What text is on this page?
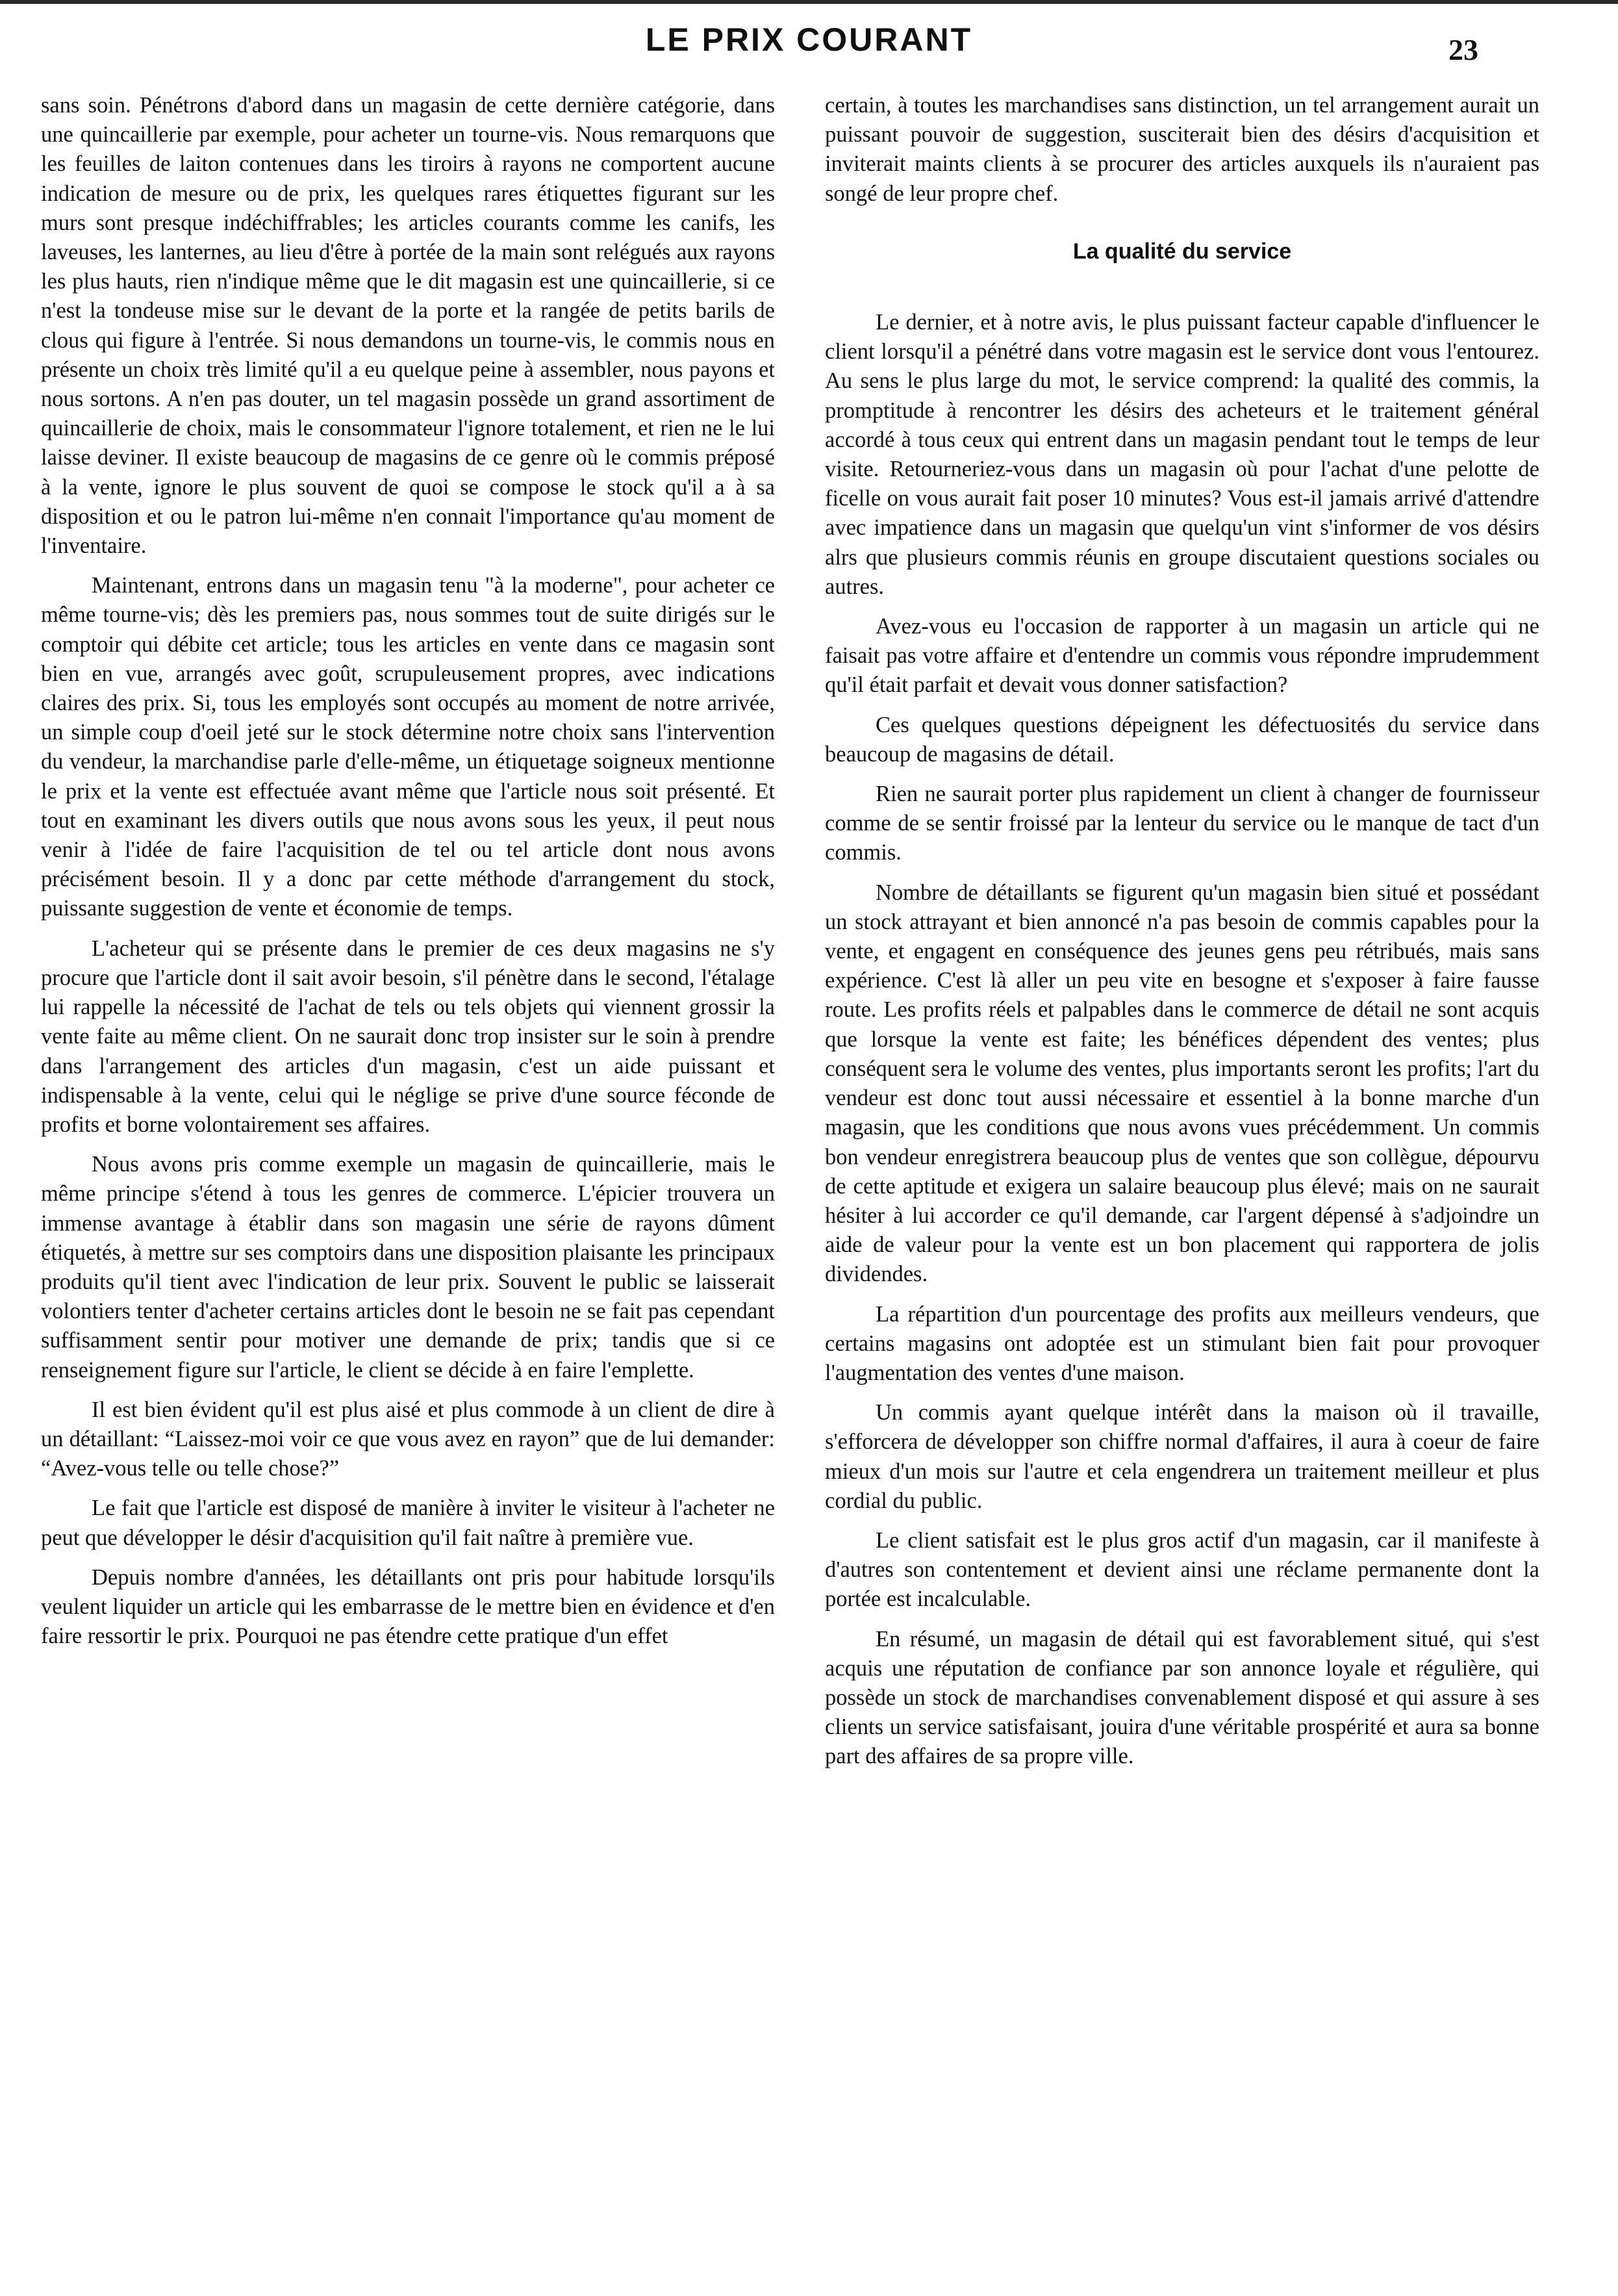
LE PRIX COURANT	23

sans soin. Pénétrons d'abord dans un magasin de cette dernière catégorie, dans une quincaillerie par exemple, pour acheter un tourne-vis. Nous remarquons que les feuilles de laiton contenues dans les tiroirs à rayons ne comportent aucune indication de mesure ou de prix, les quelques rares étiquettes figurant sur les murs sont presque indéchiffrables; les articles courants comme les canifs, les laveuses, les lanternes, au lieu d'être à portée de la main sont relégués aux rayons les plus hauts, rien n'indique même que le dit magasin est une quincaillerie, si ce n'est la tondeuse mise sur le devant de la porte et la rangée de petits barils de clous qui figure à l'entrée. Si nous demandons un tourne-vis, le commis nous en présente un choix très limité qu'il a eu quelque peine à assembler, nous payons et nous sortons. A n'en pas douter, un tel magasin possède un grand assortiment de quincaillerie de choix, mais le consommateur l'ignore totalement, et rien ne le lui laisse deviner. Il existe beaucoup de magasins de ce genre où le commis préposé à la vente, ignore le plus souvent de quoi se compose le stock qu'il a à sa disposition et ou le patron lui-même n'en connait l'importance qu'au moment de l'inventaire.

Maintenant, entrons dans un magasin tenu "à la moderne", pour acheter ce même tourne-vis; dès les premiers pas, nous sommes tout de suite dirigés sur le comptoir qui débite cet article; tous les articles en vente dans ce magasin sont bien en vue, arrangés avec goût, scrupuleusement propres, avec indications claires des prix. Si, tous les employés sont occupés au moment de notre arrivée, un simple coup d'oeil jeté sur le stock détermine notre choix sans l'intervention du vendeur, la marchandise parle d'elle-même, un étiquetage soigneux mentionne le prix et la vente est effectuée avant même que l'article nous soit présenté. Et tout en examinant les divers outils que nous avons sous les yeux, il peut nous venir à l'idée de faire l'acquisition de tel ou tel article dont nous avons précisément besoin. Il y a donc par cette méthode d'arrangement du stock, puissante suggestion de vente et économie de temps.

L'acheteur qui se présente dans le premier de ces deux magasins ne s'y procure que l'article dont il sait avoir besoin, s'il pénètre dans le second, l'étalage lui rappelle la nécessité de l'achat de tels ou tels objets qui viennent grossir la vente faite au même client. On ne saurait donc trop insister sur le soin à prendre dans l'arrangement des articles d'un magasin, c'est un aide puissant et indispensable à la vente, celui qui le néglige se prive d'une source féconde de profits et borne volontairement ses affaires.

Nous avons pris comme exemple un magasin de quincaillerie, mais le même principe s'étend à tous les genres de commerce. L'épicier trouvera un immense avantage à établir dans son magasin une série de rayons dûment étiquetés, à mettre sur ses comptoirs dans une disposition plaisante les principaux produits qu'il tient avec l'indication de leur prix. Souvent le public se laisserait volontiers tenter d'acheter certains articles dont le besoin ne se fait pas cependant suffisamment sentir pour motiver une demande de prix; tandis que si ce renseignement figure sur l'article, le client se décide à en faire l'emplette.

Il est bien évident qu'il est plus aisé et plus commode à un client de dire à un détaillant: “Laissez-moi voir ce que vous avez en rayon” que de lui demander: “Avez-vous telle ou telle chose?”

Le fait que l'article est disposé de manière à inviter le visiteur à l'acheter ne peut que développer le désir d'acquisition qu'il fait naître à première vue.

Depuis nombre d'années, les détaillants ont pris pour habitude lorsqu'ils veulent liquider un article qui les embarrasse de le mettre bien en évidence et d'en faire ressortir le prix. Pourquoi ne pas étendre cette pratique d'un effet

certain, à toutes les marchandises sans distinction, un tel arrangement aurait un puissant pouvoir de suggestion, susciterait bien des désirs d'acquisition et inviterait maints clients à se procurer des articles auxquels ils n'auraient pas songé de leur propre chef.

La qualité du service

Le dernier, et à notre avis, le plus puissant facteur capable d'influencer le client lorsqu'il a pénétré dans votre magasin est le service dont vous l'entourez. Au sens le plus large du mot, le service comprend: la qualité des commis, la promptitude à rencontrer les désirs des acheteurs et le traitement général accordé à tous ceux qui entrent dans un magasin pendant tout le temps de leur visite. Retourneriez-vous dans un magasin où pour l'achat d'une pelotte de ficelle on vous aurait fait poser 10 minutes? Vous est-il jamais arrivé d'attendre avec impatience dans un magasin que quelqu'un vint s'informer de vos désirs alrs que plusieurs commis réunis en groupe discutaient questions sociales ou autres.

Avez-vous eu l'occasion de rapporter à un magasin un article qui ne faisait pas votre affaire et d'entendre un commis vous répondre imprudemment qu'il était parfait et devait vous donner satisfaction?

Ces quelques questions dépeignent les défectuosités du service dans beaucoup de magasins de détail.

Rien ne saurait porter plus rapidement un client à changer de fournisseur comme de se sentir froissé par la lenteur du service ou le manque de tact d'un commis.

Nombre de détaillants se figurent qu'un magasin bien situé et possédant un stock attrayant et bien annoncé n'a pas besoin de commis capables pour la vente, et engagent en conséquence des jeunes gens peu rétribués, mais sans expérience. C'est là aller un peu vite en besogne et s'exposer à faire fausse route. Les profits réels et palpables dans le commerce de détail ne sont acquis que lorsque la vente est faite; les bénéfices dépendent des ventes; plus conséquent sera le volume des ventes, plus importants seront les profits; l'art du vendeur est donc tout aussi nécessaire et essentiel à la bonne marche d'un magasin, que les conditions que nous avons vues précédemment. Un commis bon vendeur enregistrera beaucoup plus de ventes que son collègue, dépourvu de cette aptitude et exigera un salaire beaucoup plus élevé; mais on ne saurait hésiter à lui accorder ce qu'il demande, car l'argent dépensé à s'adjoindre un aide de valeur pour la vente est un bon placement qui rapportera de jolis dividendes.

La répartition d'un pourcentage des profits aux meilleurs vendeurs, que certains magasins ont adoptée est un stimulant bien fait pour provoquer l'augmentation des ventes d'une maison.

Un commis ayant quelque intérêt dans la maison où il travaille, s'efforcera de développer son chiffre normal d'affaires, il aura à coeur de faire mieux d'un mois sur l'autre et cela engendrera un traitement meilleur et plus cordial du public.

Le client satisfait est le plus gros actif d'un magasin, car il manifeste à d'autres son contentement et devient ainsi une réclame permanente dont la portée est incalculable.

En résumé, un magasin de détail qui est favorablement situé, qui s'est acquis une réputation de confiance par son annonce loyale et régulière, qui possède un stock de marchandises convenablement disposé et qui assure à ses clients un service satisfaisant, jouira d'une véritable prospérité et aura sa bonne part des affaires de sa propre ville.
